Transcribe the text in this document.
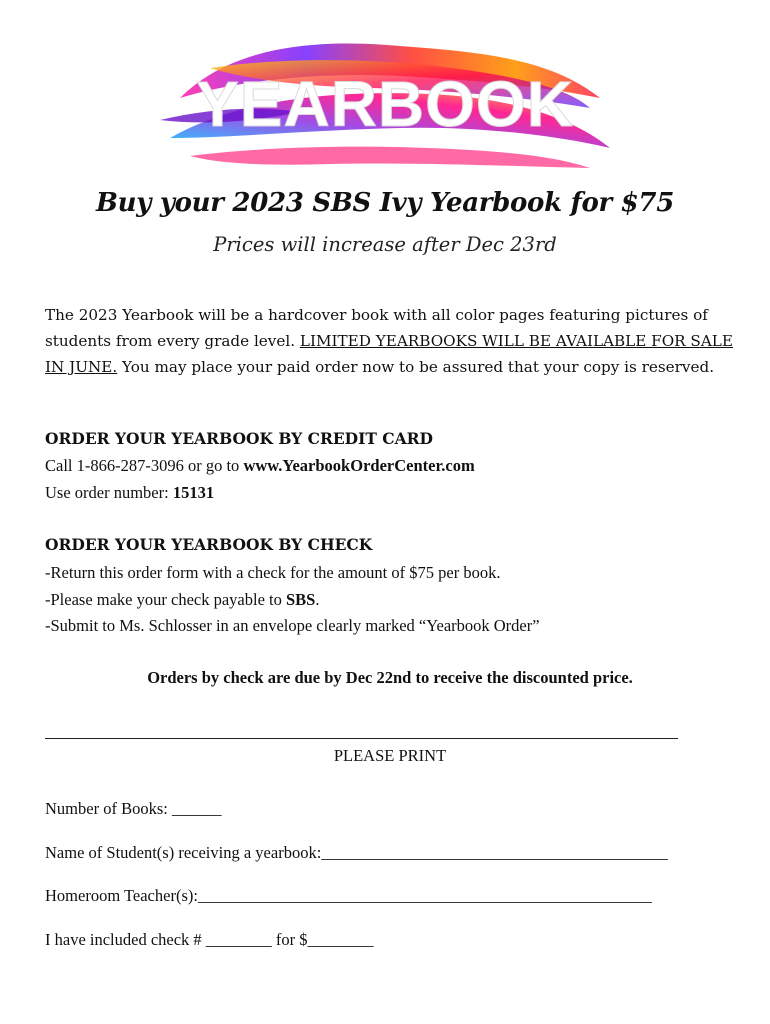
YEARBOOK
Buy your 2023 SBS Ivy Yearbook for $75
Prices will increase after Dec 23rd
The 2023 Yearbook will be a hardcover book with all color pages featuring pictures of students from every grade level. LIMITED YEARBOOKS WILL BE AVAILABLE FOR SALE IN JUNE. You may place your paid order now to be assured that your copy is reserved.
ORDER YOUR YEARBOOK BY CREDIT CARD
Call 1-866-287-3096 or go to www.YearbookOrderCenter.com
Use order number: 15131
ORDER YOUR YEARBOOK BY CHECK
-Return this order form with a check for the amount of $75 per book.
-Please make your check payable to SBS.
-Submit to Ms. Schlosser in an envelope clearly marked “Yearbook Order”
Orders by check are due by Dec 22nd to receive the discounted price.
PLEASE PRINT
Number of Books: ______
Name of Student(s) receiving a yearbook:__________________________________________
Homeroom Teacher(s):_______________________________________________________
I have included check # ________ for $________
